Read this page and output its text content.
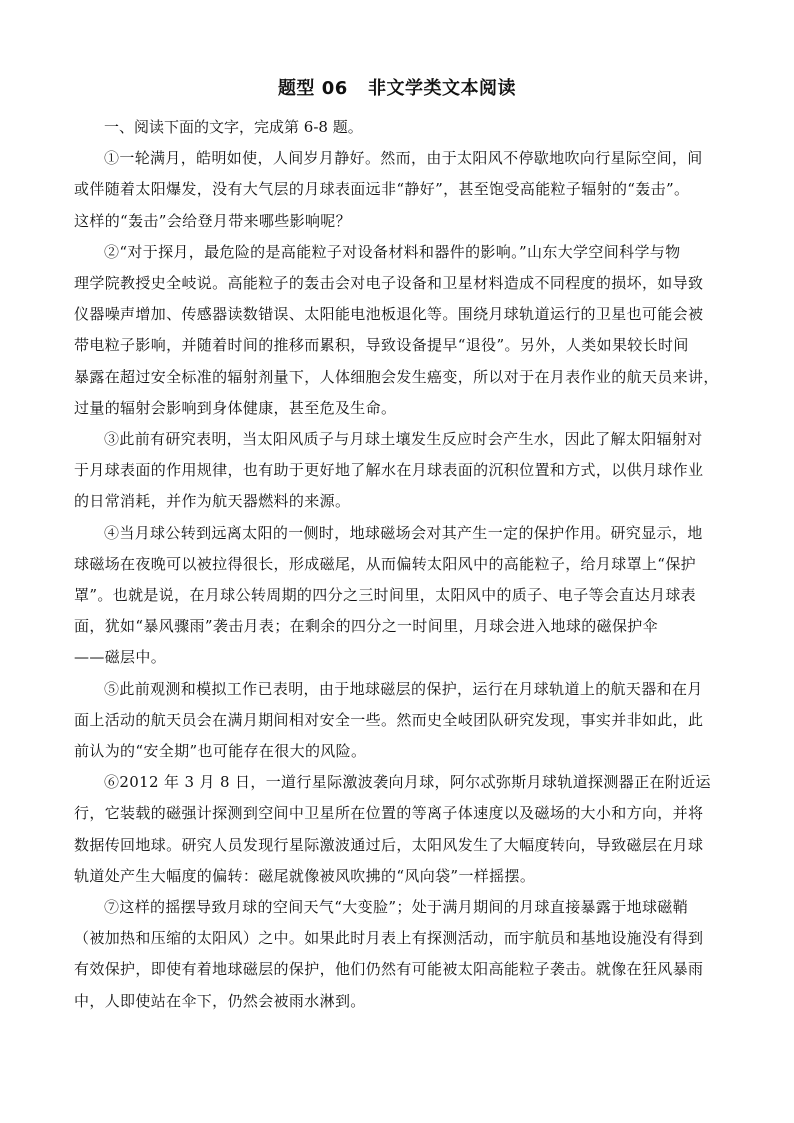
题型 06   非文学类文本阅读

一、阅读下面的文字，完成第 6-8 题。

①一轮满月，皓明如使，人间岁月静好。然而，由于太阳风不停歇地吹向行星际空间，间
或伴随着太阳爆发，没有大气层的月球表面远非“静好”，甚至饱受高能粒子辐射的“轰击”。
这样的“轰击”会给登月带来哪些影响呢？

②“对于探月，最危险的是高能粒子对设备材料和器件的影响。”山东大学空间科学与物
理学院教授史全岐说。高能粒子的轰击会对电子设备和卫星材料造成不同程度的损坏，如导致
仪器噪声增加、传感器读数错误、太阳能电池板退化等。围绕月球轨道运行的卫星也可能会被
带电粒子影响，并随着时间的推移而累积，导致设备提早“退役”。另外，人类如果较长时间
暴露在超过安全标准的辐射剂量下，人体细胞会发生癌变，所以对于在月表作业的航天员来讲，
过量的辐射会影响到身体健康，甚至危及生命。

③此前有研究表明，当太阳风质子与月球土壤发生反应时会产生水，因此了解太阳辐射对
于月球表面的作用规律，也有助于更好地了解水在月球表面的沉积位置和方式，以供月球作业
的日常消耗，并作为航天器燃料的来源。

④当月球公转到远离太阳的一侧时，地球磁场会对其产生一定的保护作用。研究显示，地
球磁场在夜晚可以被拉得很长，形成磁尾，从而偏转太阳风中的高能粒子，给月球罩上“保护
罩”。也就是说，在月球公转周期的四分之三时间里，太阳风中的质子、电子等会直达月球表
面，犹如“暴风骤雨”袭击月表；在剩余的四分之一时间里，月球会进入地球的磁保护伞
——磁层中。

⑤此前观测和模拟工作已表明，由于地球磁层的保护，运行在月球轨道上的航天器和在月
面上活动的航天员会在满月期间相对安全一些。然而史全岐团队研究发现，事实并非如此，此
前认为的“安全期”也可能存在很大的风险。

⑥2012 年 3 月 8 日，一道行星际激波袭向月球，阿尔忒弥斯月球轨道探测器正在附近运
行，它装载的磁强计探测到空间中卫星所在位置的等离子体速度以及磁场的大小和方向，并将
数据传回地球。研究人员发现行星际激波通过后，太阳风发生了大幅度转向，导致磁层在月球
轨道处产生大幅度的偏转：磁尾就像被风吹拂的“风向袋”一样摇摆。

⑦这样的摇摆导致月球的空间天气“大变脸”；处于满月期间的月球直接暴露于地球磁鞘
（被加热和压缩的太阳风）之中。如果此时月表上有探测活动，而宇航员和基地设施没有得到
有效保护，即使有着地球磁层的保护，他们仍然有可能被太阳高能粒子袭击。就像在狂风暴雨
中，人即使站在伞下，仍然会被雨水淋到。
